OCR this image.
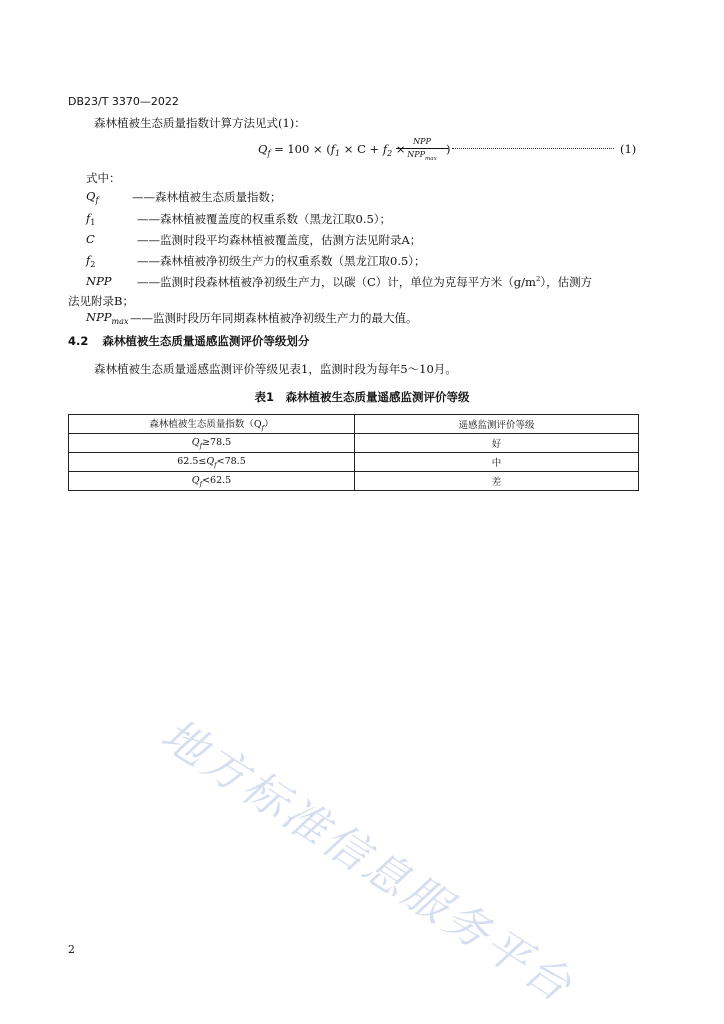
DB23/T 3370—2022
森林植被生态质量指数计算方法见式(1)：
$Q_f = 100 \times (f_1 \times C + f_2$ ×
NPP
$NPP_{max}$
)	(1)
式中：
$Q_f$	——森林植被生态质量指数；
$f_1$	——森林植被覆盖度的权重系数（黑龙江取0.5）；
C	——监测时段平均森林植被覆盖度，估测方法见附录A；
$f_2$	——森林植被净初级生产力的权重系数（黑龙江取0.5）；
NPP ——监测时段森林植被净初级生产力，以碳（C）计，单位为克每平方米$(g/m^2)$，估测方
法见附录B；
$NPP_{max}$ ——监测时段历年同期森林植被净初级生产力的最大值。
4.2 森林植被生态质量遥感监测评价等级划分
森林植被生态质量遥感监测评价等级见表1，监测时段为每年5～10月。
表1　森林植被生态质量遥感监测评价等级
森林植被生态质量指数$(Q_f)$	遥感监测评价等级
$Q_f\ge 78.5$	好
$62.5\le Q_f<78.5$	中
$Q_f<62.5$	差
地方标准信息服务平台
2
